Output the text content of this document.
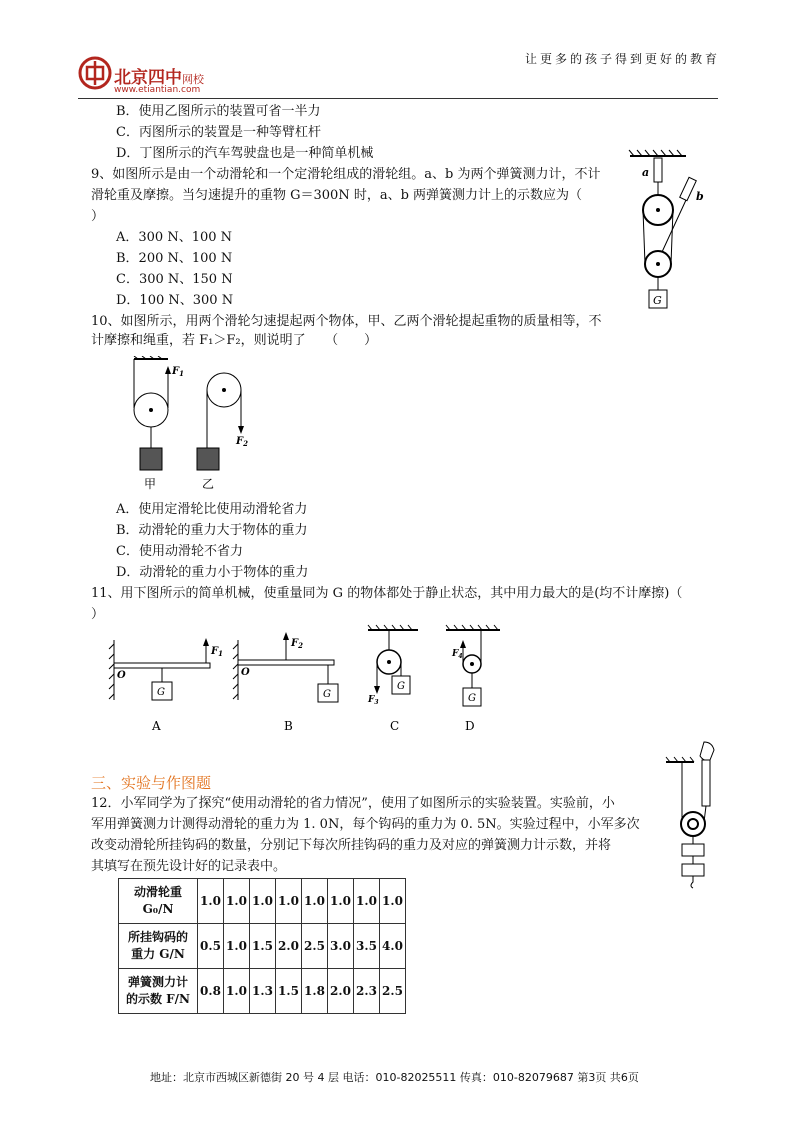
北京四中网校
www.etiantian.com
让更多的孩子得到更好的教育
B．使用乙图所示的装置可省一半力
C．丙图所示的装置是一种等臂杠杆
D．丁图所示的汽车驾驶盘也是一种简单机械
9、如图所示是由一个动滑轮和一个定滑轮组成的滑轮组。a、b 为两个弹簧测力计，不计
滑轮重及摩擦。当匀速提升的重物 G＝300N 时，a、b 两弹簧测力计上的示数应为（
）
A．300 N、100 N
B．200 N、100 N
C．300 N、150 N
D．100 N、300 N
a
b
G
10、如图所示，用两个滑轮匀速提起两个物体，甲、乙两个滑轮提起重物的质量相等，不
计摩擦和绳重，若 F₁＞F₂，则说明了　　（　　）
$F_1$
甲
$F_2$
乙
A．使用定滑轮比使用动滑轮省力
B．动滑轮的重力大于物体的重力
C．使用动滑轮不省力
D．动滑轮的重力小于物体的重力
11、用下图所示的简单机械，使重量同为 G 的物体都处于静止状态，其中用力最大的是(均不计摩擦)（
）
$F_1$
O
G
A
$F_2$
O
G
B
$F_3$
G
C
$F_4$
G
D
三、实验与作图题
12．小军同学为了探究“使用动滑轮的省力情况”，使用了如图所示的实验装置。实验前，小
军用弹簧测力计测得动滑轮的重力为 1. 0N，每个钩码的重力为 0. 5N。实验过程中，小军多次
改变动滑轮所挂钩码的数量，分别记下每次所挂钩码的重力及对应的弹簧测力计示数，并将
其填写在预先设计好的记录表中。
动滑轮重
G₀/N	1.0	1.0	1.0	1.0	1.0	1.0	1.0	1.0

所挂钩码的
重力 G/N	0.5	1.0	1.5	2.0	2.5	3.0	3.5	4.0

弹簧测力计
的示数 F/N	0.8	1.0	1.3	1.5	1.8	2.0	2.3	2.5
地址：北京市西城区新德街 20 号 4 层 电话：010-82025511 传真：010-82079687 第3页 共6页
